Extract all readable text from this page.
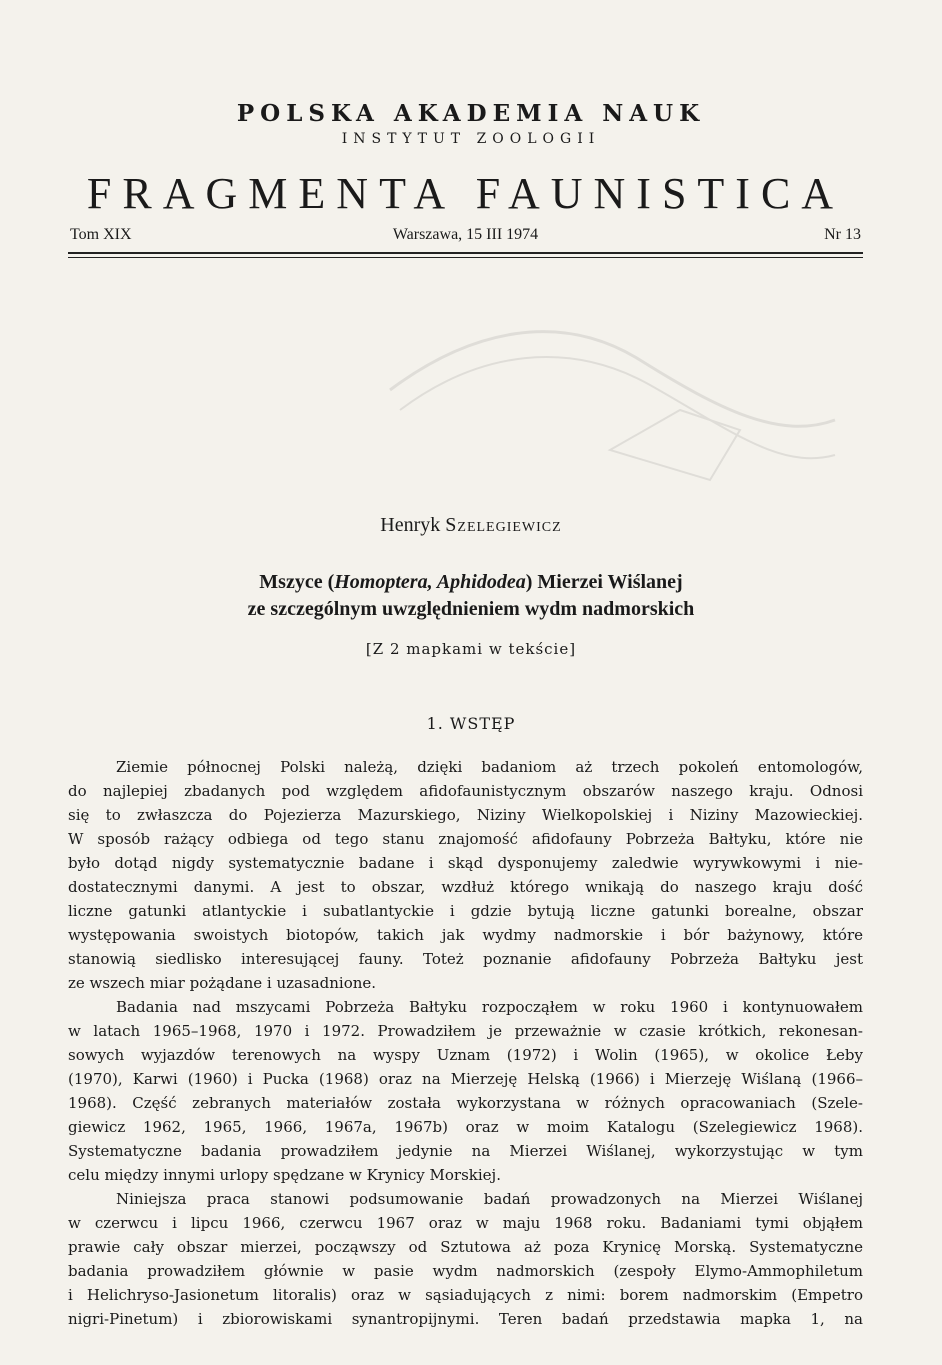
POLSKA AKADEMIA NAUK
INSTYTUT ZOOLOGII
FRAGMENTA FAUNISTICA
Tom XIX	Warszawa, 15 III 1974	Nr 13
Henryk Szelegiewicz
Mszyce (Homoptera, Aphidodea) Mierzei Wiślanej
ze szczególnym uwzględnieniem wydm nadmorskich
[Z 2 mapkami w tekście]
1. WSTĘP
Ziemie północnej Polski należą, dzięki badaniom aż trzech pokoleń entomologów,
do najlepiej zbadanych pod względem afidofaunistycznym obszarów naszego kraju. Odnosi
się to zwłaszcza do Pojezierza Mazurskiego, Niziny Wielkopolskiej i Niziny Mazowieckiej.
W sposób rażący odbiega od tego stanu znajomość afidofauny Pobrzeża Bałtyku, które nie
było dotąd nigdy systematycznie badane i skąd dysponujemy zaledwie wyrywkowymi i nie-
dostatecznymi danymi. A jest to obszar, wzdłuż którego wnikają do naszego kraju dość
liczne gatunki atlantyckie i subatlantyckie i gdzie bytują liczne gatunki borealne, obszar
występowania swoistych biotopów, takich jak wydmy nadmorskie i bór bażynowy, które
stanowią siedlisko interesującej fauny. Toteż poznanie afidofauny Pobrzeża Bałtyku jest
ze wszech miar pożądane i uzasadnione.
Badania nad mszycami Pobrzeża Bałtyku rozpocząłem w roku 1960 i kontynuowałem
w latach 1965–1968, 1970 i 1972. Prowadziłem je przeważnie w czasie krótkich, rekonesan-
sowych wyjazdów terenowych na wyspy Uznam (1972) i Wolin (1965), w okolice Łeby
(1970), Karwi (1960) i Pucka (1968) oraz na Mierzeję Helską (1966) i Mierzeję Wiślaną (1966–
1968). Część zebranych materiałów została wykorzystana w różnych opracowaniach (Szele-
giewicz 1962, 1965, 1966, 1967a, 1967b) oraz w moim Katalogu (Szelegiewicz 1968).
Systematyczne badania prowadziłem jedynie na Mierzei Wiślanej, wykorzystując w tym
celu między innymi urlopy spędzane w Krynicy Morskiej.
Niniejsza praca stanowi podsumowanie badań prowadzonych na Mierzei Wiślanej
w czerwcu i lipcu 1966, czerwcu 1967 oraz w maju 1968 roku. Badaniami tymi objąłem
prawie cały obszar mierzei, począwszy od Sztutowa aż poza Krynicę Morską. Systematyczne
badania prowadziłem głównie w pasie wydm nadmorskich (zespoły Elymo-Ammophiletum
i Helichryso-Jasionetum litoralis) oraz w sąsiadujących z nimi: borem nadmorskim (Empetro
nigri-Pinetum) i zbiorowiskami synantropijnymi. Teren badań przedstawia mapka 1, na
